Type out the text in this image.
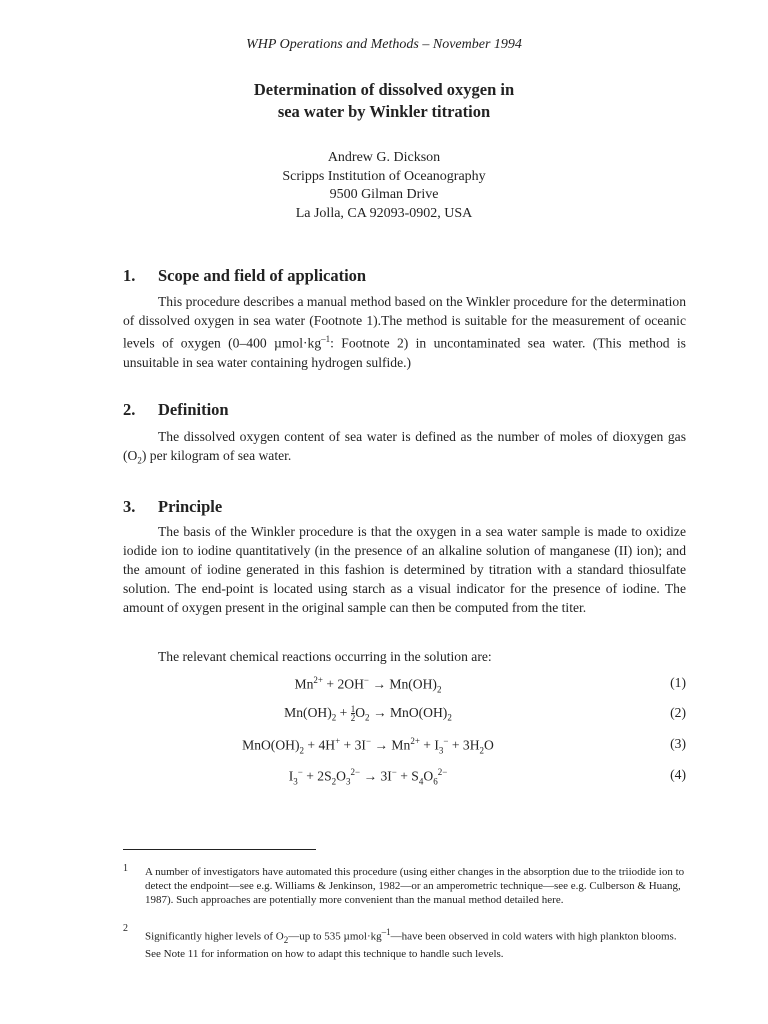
WHP Operations and Methods – November 1994
Determination of dissolved oxygen in
sea water by Winkler titration
Andrew G. Dickson
Scripps Institution of Oceanography
9500 Gilman Drive
La Jolla, CA 92093-0902, USA
1. Scope and field of application

This procedure describes a manual method based on the Winkler procedure for the determination of dissolved oxygen in sea water (Footnote 1).The method is suitable for the measurement of oceanic levels of oxygen (0–400 $\mu mol\cdot kg^{-1}$: Footnote 2) in uncontaminated sea water. (This method is unsuitable in sea water containing hydrogen sulfide.)

2. Definition

The dissolved oxygen content of sea water is defined as the number of moles of dioxygen gas $(O_2)$ per kilogram of sea water.

3. Principle

The basis of the Winkler procedure is that the oxygen in a sea water sample is made to oxidize iodide ion to iodine quantitatively (in the presence of an alkaline solution of manganese (II) ion); and the amount of iodine generated in this fashion is determined by titration with a standard thiosulfate solution. The end-point is located using starch as a visual indicator for the presence of iodine. The amount of oxygen present in the original sample can then be computed from the titer.

The relevant chemical reactions occurring in the solution are:

$Mn^{2+} + 2OH^- \to Mn(OH)_2$	(1)
$Mn(OH)_2 + \frac{1}{2} O_2 \to MnO(OH)_2$	(2)
$MnO(OH)_2 + 4H^+ + 3I^- \to Mn^{2+} + I_3^- + 3H_2O$	(3)
$I_3^- + 2S_2O_3^{2-} \to 3I^- + S_4O_6^{2-}$	(4)
1 A number of investigators have automated this procedure (using either changes in the absorption due to the triiodide ion to detect the endpoint—see e.g. Williams & Jenkinson, 1982—or an amperometric technique—see e.g. Culberson & Huang, 1987). Such approaches are potentially more convenient than the manual method detailed here.
2
Significantly higher levels of $O_2—up$ to 535 $\mu mol\cdot kg^{-1}—have$ been observed in cold waters with high plankton blooms. See Note 11 for information on how to adapt this technique to handle such levels.
